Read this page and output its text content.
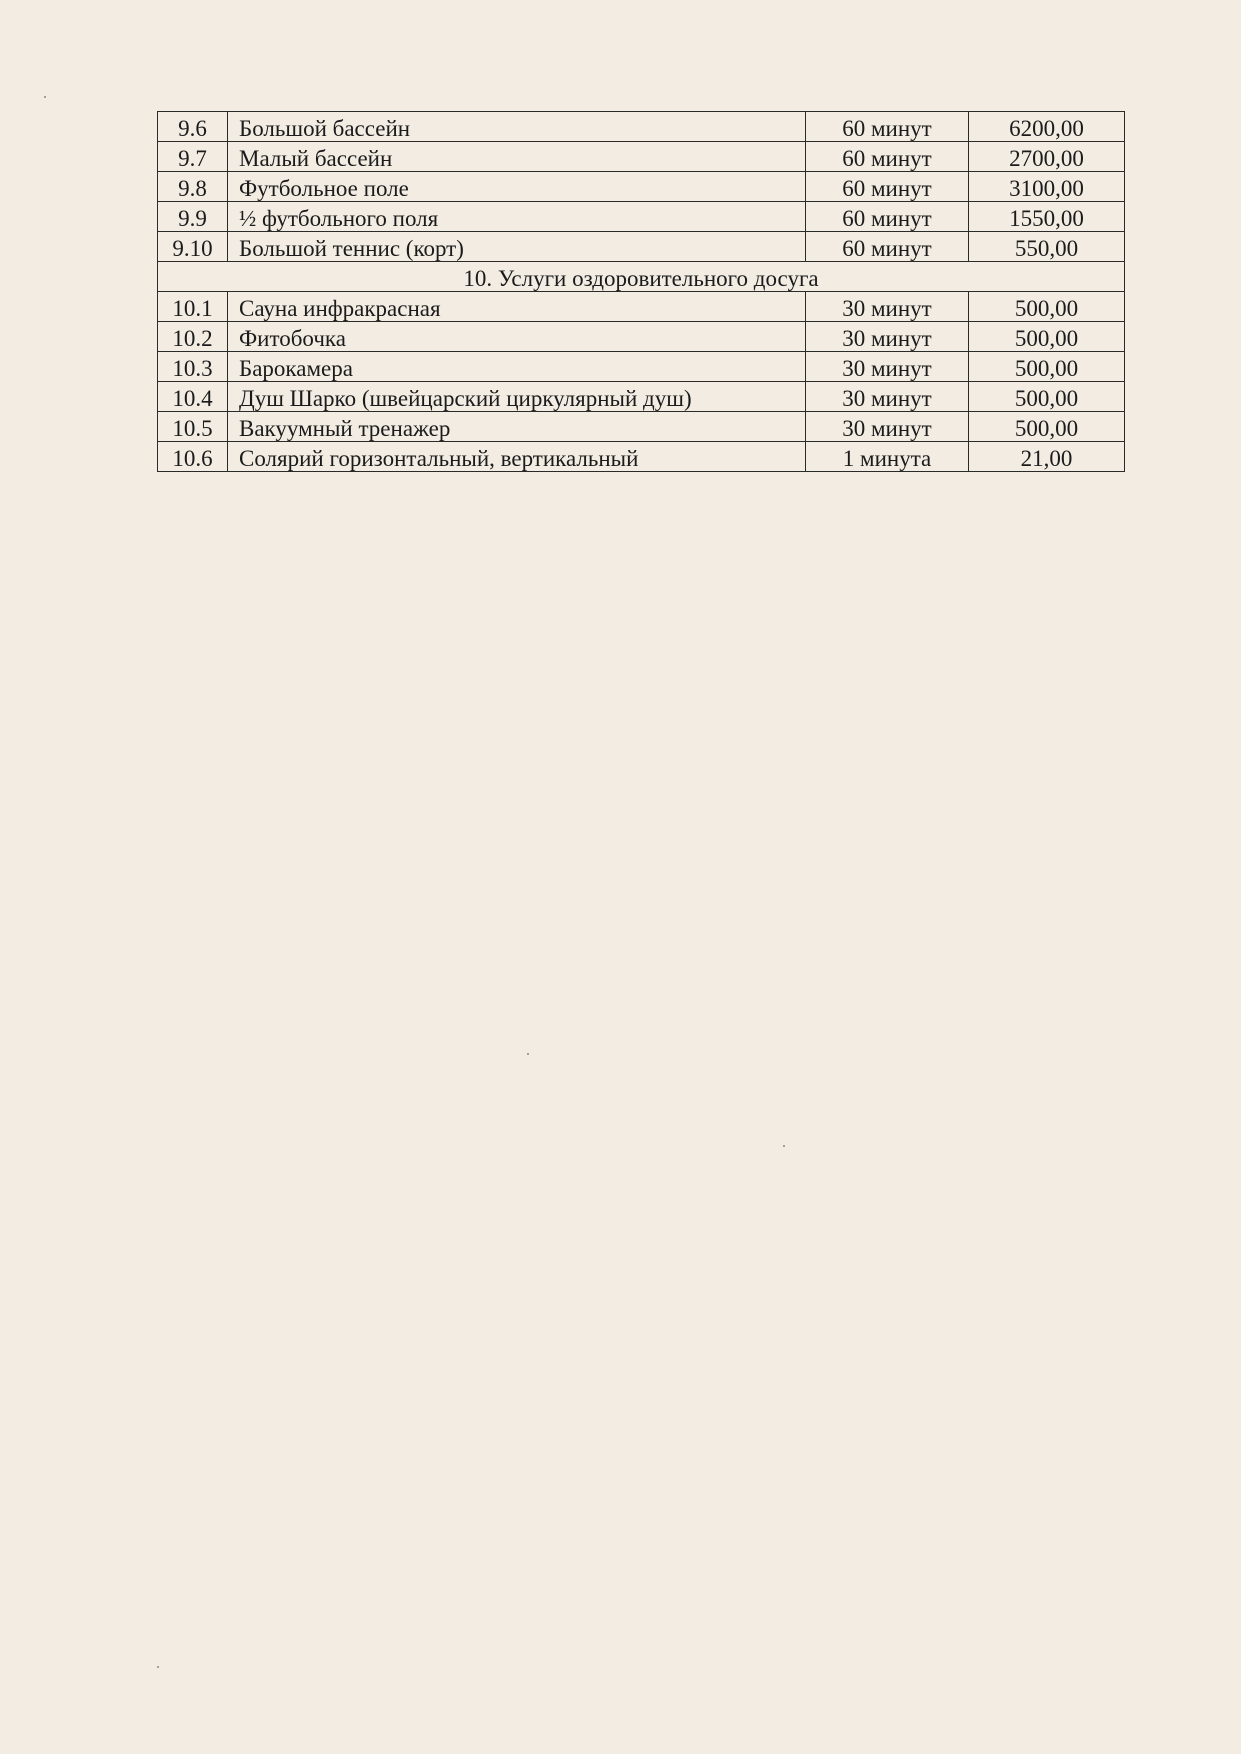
9.6	Большой бассейн	60 минут	6200,00

9.7	Малый бассейн	60 минут	2700,00

9.8	Футбольное поле	60 минут	3100,00

9.9	½ футбольного поля	60 минут	1550,00

9.10	Большой теннис (корт)	60 минут	550,00

10. Услуги оздоровительного досуга			

10.1	Сауна инфракрасная	30 минут	500,00

10.2	Фитобочка	30 минут	500,00

10.3	Барокамера	30 минут	500,00

10.4	Душ Шарко (швейцарский циркулярный душ)	30 минут	500,00

10.5	Вакуумный тренажер	30 минут	500,00

10.6	Солярий горизонтальный, вертикальный	1 минута	21,00
